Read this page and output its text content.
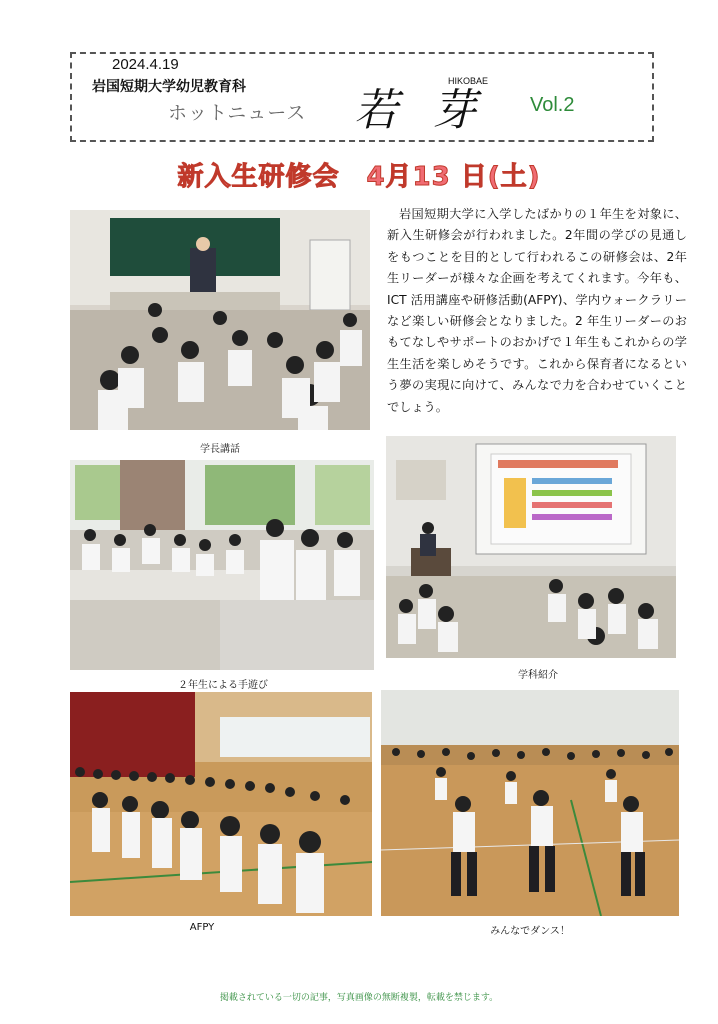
2024.4.19
岩国短期大学幼児教育科
ホットニュース 若 芽
HIKOBAE
Vol.2
新入生研修会　4月13 日(土)
学長講話
岩国短期大学に入学したばかりの１年生を対象に、新入生研修会が行われました。2年間の学びの見通しをもつことを目的として行われるこの研修会は、2年生リーダーが様々な企画を考えてくれます。今年も、ICT 活用講座や研修活動(AFPY)、学内ウォークラリーなど楽しい研修会となりました。2 年生リーダーのおもてなしやサポートのおかげで１年生もこれからの学生生活を楽しめそうです。これから保育者になるという夢の実現に向けて、みんなで力を合わせていくことでしょう。
２年生による手遊び
学科紹介
AFPY	みんなでダンス！
掲載されている一切の記事，写真画像の無断複製，転載を禁じます。
